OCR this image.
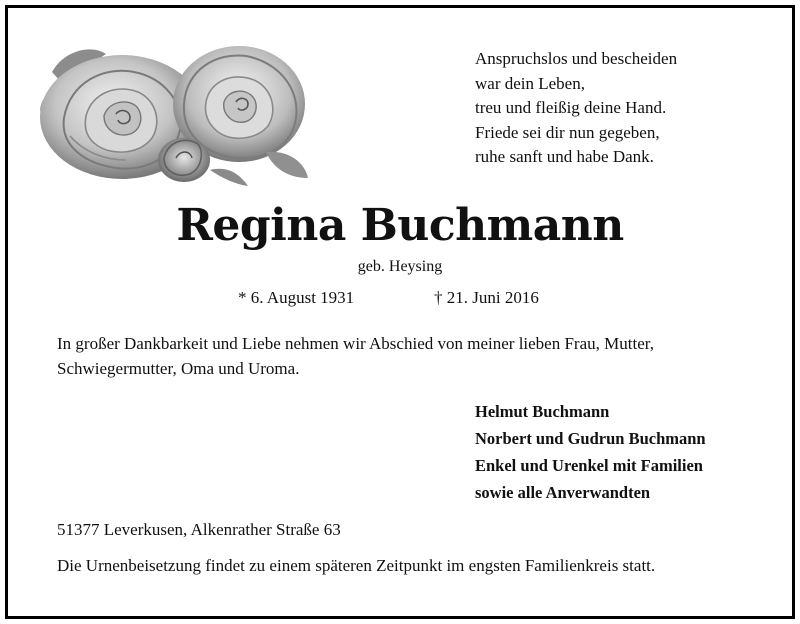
Anspruchslos und bescheiden
war dein Leben,
treu und fleißig deine Hand.
Friede sei dir nun gegeben,
ruhe sanft und habe Dank.
Regina Buchmann
geb. Heysing
* 6. August 1931	† 21. Juni 2016
In großer Dankbarkeit und Liebe nehmen wir Abschied von meiner lieben Frau, Mutter,
Schwiegermutter, Oma und Uroma.
Helmut Buchmann
Norbert und Gudrun Buchmann
Enkel und Urenkel mit Familien
sowie alle Anverwandten
51377 Leverkusen, Alkenrather Straße 63
Die Urnenbeisetzung findet zu einem späteren Zeitpunkt im engsten Familienkreis statt.
